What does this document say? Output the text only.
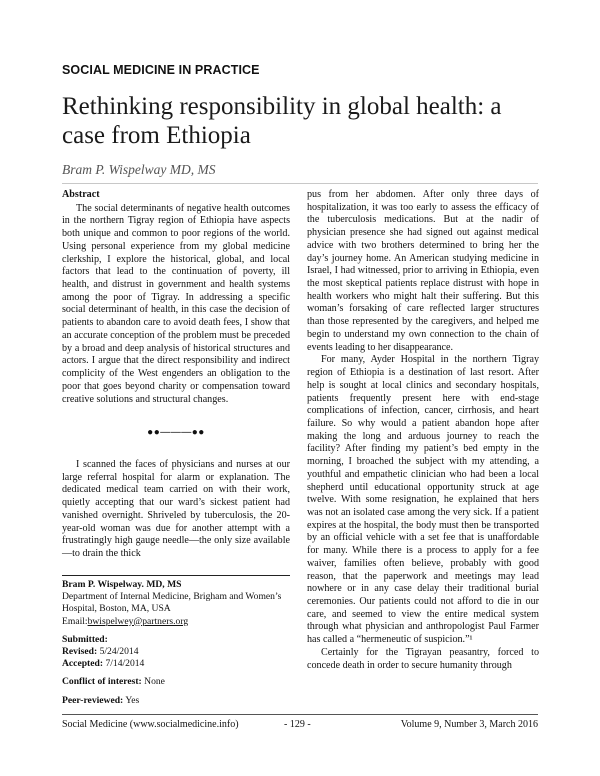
SOCIAL MEDICINE IN PRACTICE
Rethinking responsibility in global health: a case from Ethiopia
Bram P. Wispelway MD, MS

Abstract

The social determinants of negative health outcomes in the northern Tigray region of Ethiopia have aspects both unique and common to poor regions of the world. Using personal experience from my global medicine clerkship, I explore the historical, global, and local factors that lead to the continuation of poverty, ill health, and distrust in government and health systems among the poor of Tigray. In addressing a specific social determinant of health, in this case the decision of patients to abandon care to avoid death fees, I show that an accurate conception of the problem must be preceded by a broad and deep analysis of historical structures and actors. I argue that the direct responsibility and indirect complicity of the West engenders an obligation to the poor that goes beyond charity or compensation toward creative solutions and structural changes.

●●―――●●

I scanned the faces of physicians and nurses at our large referral hospital for alarm or explanation. The dedicated medical team carried on with their work, quietly accepting that our ward’s sickest patient had vanished overnight. Shriveled by tuberculosis, the 20-year-old woman was due for another attempt with a frustratingly high gauge needle—the only size available—to drain the thick

pus from her abdomen. After only three days of hospitalization, it was too early to assess the efficacy of the tuberculosis medications. But at the nadir of physician presence she had signed out against medical advice with two brothers determined to bring her the day’s journey home. An American studying medicine in Israel, I had witnessed, prior to arriving in Ethiopia, even the most skeptical patients replace distrust with hope in health workers who might halt their suffering. But this woman’s forsaking of care reflected larger structures than those represented by the caregivers, and helped me begin to understand my own connection to the chain of events leading to her disappearance.

For many, Ayder Hospital in the northern Tigray region of Ethiopia is a destination of last resort. After help is sought at local clinics and secondary hospitals, patients frequently present here with end-stage complications of infection, cancer, cirrhosis, and heart failure. So why would a patient abandon hope after making the long and arduous journey to reach the facility? After finding my patient’s bed empty in the morning, I broached the subject with my attending, a youthful and empathetic clinician who had been a local shepherd until educational opportunity struck at age twelve. With some resignation, he explained that hers was not an isolated case among the very sick. If a patient expires at the hospital, the body must then be transported by an official vehicle with a set fee that is unaffordable for many. While there is a process to apply for a fee waiver, families often believe, probably with good reason, that the paperwork and meetings may lead nowhere or in any case delay their traditional burial ceremonies. Our patients could not afford to die in our care, and seemed to view the entire medical system through what physician and anthropologist Paul Farmer has called a “hermeneutic of suspicion.”¹

Certainly for the Tigrayan peasantry, forced to concede death in order to secure humanity through

Bram P. Wispelway. MD, MS
Department of Internal Medicine, Brigham and Women’s Hospital, Boston, MA, USA
Email:bwispelwey@partners.org
Submitted:
Revised: 5/24/2014
Accepted: 7/14/2014
Conflict of interest: None
Peer-reviewed: Yes
Social Medicine (www.socialmedicine.info)	- 129 -	Volume 9, Number 3, March 2016
